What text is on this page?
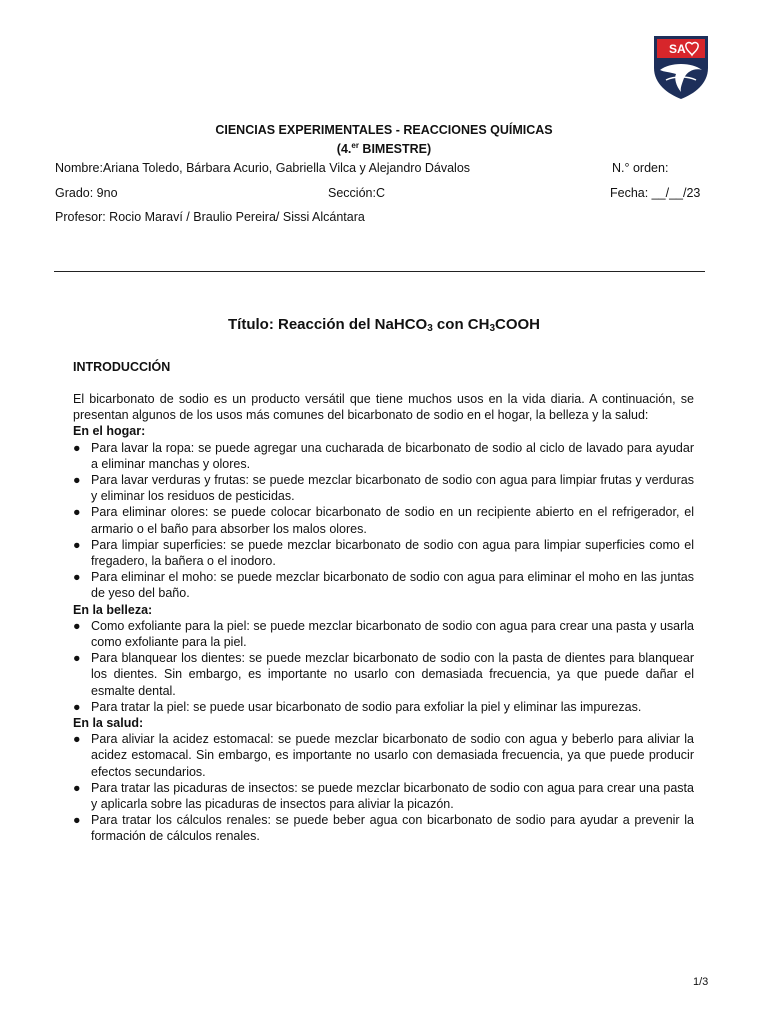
SA
CIENCIAS EXPERIMENTALES - REACCIONES QUÍMICAS
(4.$^{er}$ BIMESTRE)
Nombre:Ariana Toledo, Bárbara Acurio, Gabriella Vilca y Alejandro Dávalos	N.° orden:
Grado: 9no	Sección:C	Fecha: __/__/23
Profesor: Rocio Maraví / Braulio Pereira/ Sissi Alcántara
Título: Reacción del NaHCO$_3$ con $CH_3COOH$
INTRODUCCIÓN

El bicarbonato de sodio es un producto versátil que tiene muchos usos en la vida diaria. A continuación, se presentan algunos de los usos más comunes del bicarbonato de sodio en el hogar, la belleza y la salud:

En el hogar:
● Para lavar la ropa: se puede agregar una cucharada de bicarbonato de sodio al ciclo de lavado para ayudar a eliminar manchas y olores.
● Para lavar verduras y frutas: se puede mezclar bicarbonato de sodio con agua para limpiar frutas y verduras y eliminar los residuos de pesticidas.
● Para eliminar olores: se puede colocar bicarbonato de sodio en un recipiente abierto en el refrigerador, el armario o el baño para absorber los malos olores.
● Para limpiar superficies: se puede mezclar bicarbonato de sodio con agua para limpiar superficies como el fregadero, la bañera o el inodoro.
● Para eliminar el moho: se puede mezclar bicarbonato de sodio con agua para eliminar el moho en las juntas de yeso del baño.
En la belleza:
● Como exfoliante para la piel: se puede mezclar bicarbonato de sodio con agua para crear una pasta y usarla como exfoliante para la piel.
● Para blanquear los dientes: se puede mezclar bicarbonato de sodio con la pasta de dientes para blanquear los dientes. Sin embargo, es importante no usarlo con demasiada frecuencia, ya que puede dañar el esmalte dental.
● Para tratar la piel: se puede usar bicarbonato de sodio para exfoliar la piel y eliminar las impurezas.
En la salud:
● Para aliviar la acidez estomacal: se puede mezclar bicarbonato de sodio con agua y beberlo para aliviar la acidez estomacal. Sin embargo, es importante no usarlo con demasiada frecuencia, ya que puede producir efectos secundarios.
● Para tratar las picaduras de insectos: se puede mezclar bicarbonato de sodio con agua para crear una pasta y aplicarla sobre las picaduras de insectos para aliviar la picazón.
● Para tratar los cálculos renales: se puede beber agua con bicarbonato de sodio para ayudar a prevenir la formación de cálculos renales.
1/3
